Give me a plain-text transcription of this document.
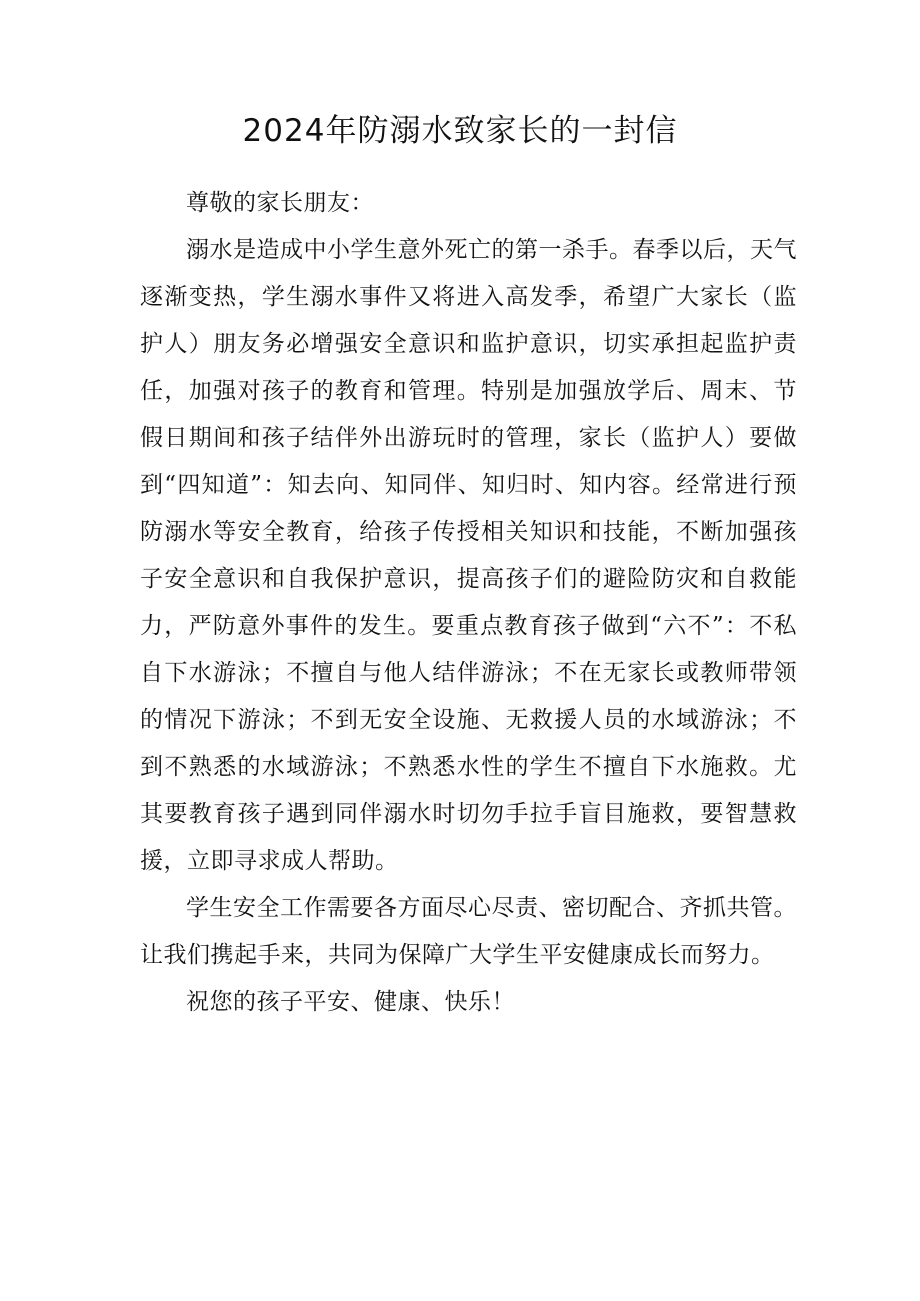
2024年防溺水致家长的一封信

尊敬的家长朋友：

溺水是造成中小学生意外死亡的第一杀手。春季以后，天气逐渐变热，学生溺水事件又将进入高发季，希望广大家长（监护人）朋友务必增强安全意识和监护意识，切实承担起监护责任，加强对孩子的教育和管理。特别是加强放学后、周末、节假日期间和孩子结伴外出游玩时的管理，家长（监护人）要做到“四知道”：知去向、知同伴、知归时、知内容。经常进行预防溺水等安全教育，给孩子传授相关知识和技能，不断加强孩子安全意识和自我保护意识，提高孩子们的避险防灾和自救能力，严防意外事件的发生。要重点教育孩子做到“六不”：不私自下水游泳；不擅自与他人结伴游泳；不在无家长或教师带领的情况下游泳；不到无安全设施、无救援人员的水域游泳；不到不熟悉的水域游泳；不熟悉水性的学生不擅自下水施救。尤其要教育孩子遇到同伴溺水时切勿手拉手盲目施救，要智慧救援，立即寻求成人帮助。

学生安全工作需要各方面尽心尽责、密切配合、齐抓共管。让我们携起手来，共同为保障广大学生平安健康成长而努力。

祝您的孩子平安、健康、快乐！
